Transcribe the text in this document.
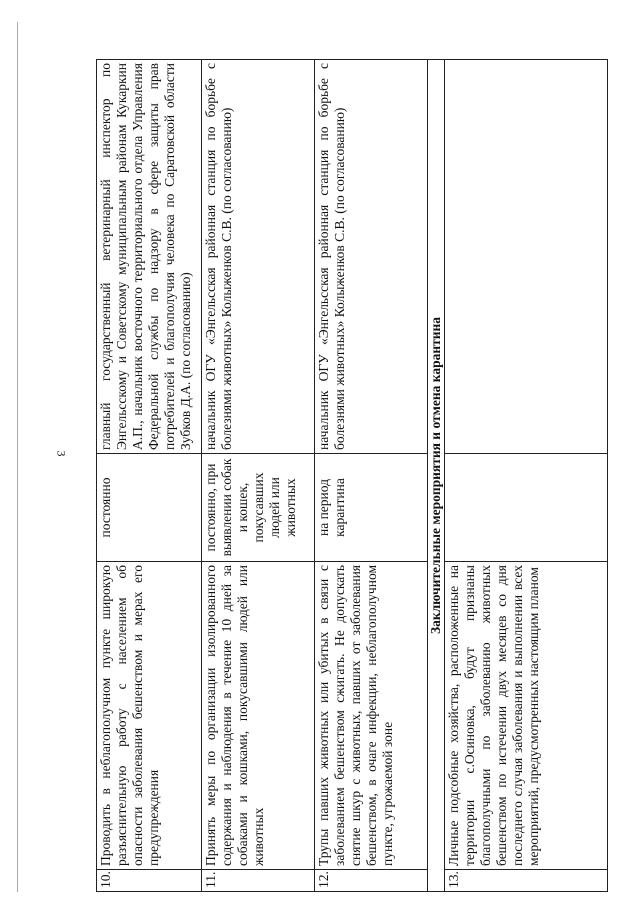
3
10.	Проводить в неблагополучном пункте широкую разъяснительную работу с населением об опасности заболевания бешенством и мерах его предупреждения	постоянно	главный государственный ветеринарный инспектор по Энгельсскому и Советскому муниципальным районам Кукаркин А.П., начальник восточного территориального отдела Управления Федеральной службы по надзору в сфере защиты прав потребителей и благополучия человека по Саратовской области Зубков Д.А. (по согласованию)
11.	Принять меры по организации изолированного содержания и наблюдения в течение 10 дней за собаками и кошками, покусавшими людей или животных	постоянно, при выявлении собак и кошек, покусавших людей или животных	начальник ОГУ «Энгельсская районная станция по борьбе с болезнями животных» Колыженков С.В. (по согласованию)
12.	Трупы павших животных или убитых в связи с заболеванием бешенством сжигать. Не допускать снятие шкур с животных, павших от заболевания бешенством, в очаге инфекции, неблагополучном пункте, угрожаемой зоне	на период карантина	начальник ОГУ «Энгельсская районная станция по борьбе с болезнями животных» Колыженков С.В. (по согласованию)
Заключительные мероприятия и отмена карантина			
13.	Личные подсобные хозяйства, расположенные на территории с.Осиновка, будут признаны благополучными по заболеванию животных бешенством по истечении двух месяцев со дня последнего случая заболевания и выполнении всех мероприятий, предусмотренных настоящим планом		
